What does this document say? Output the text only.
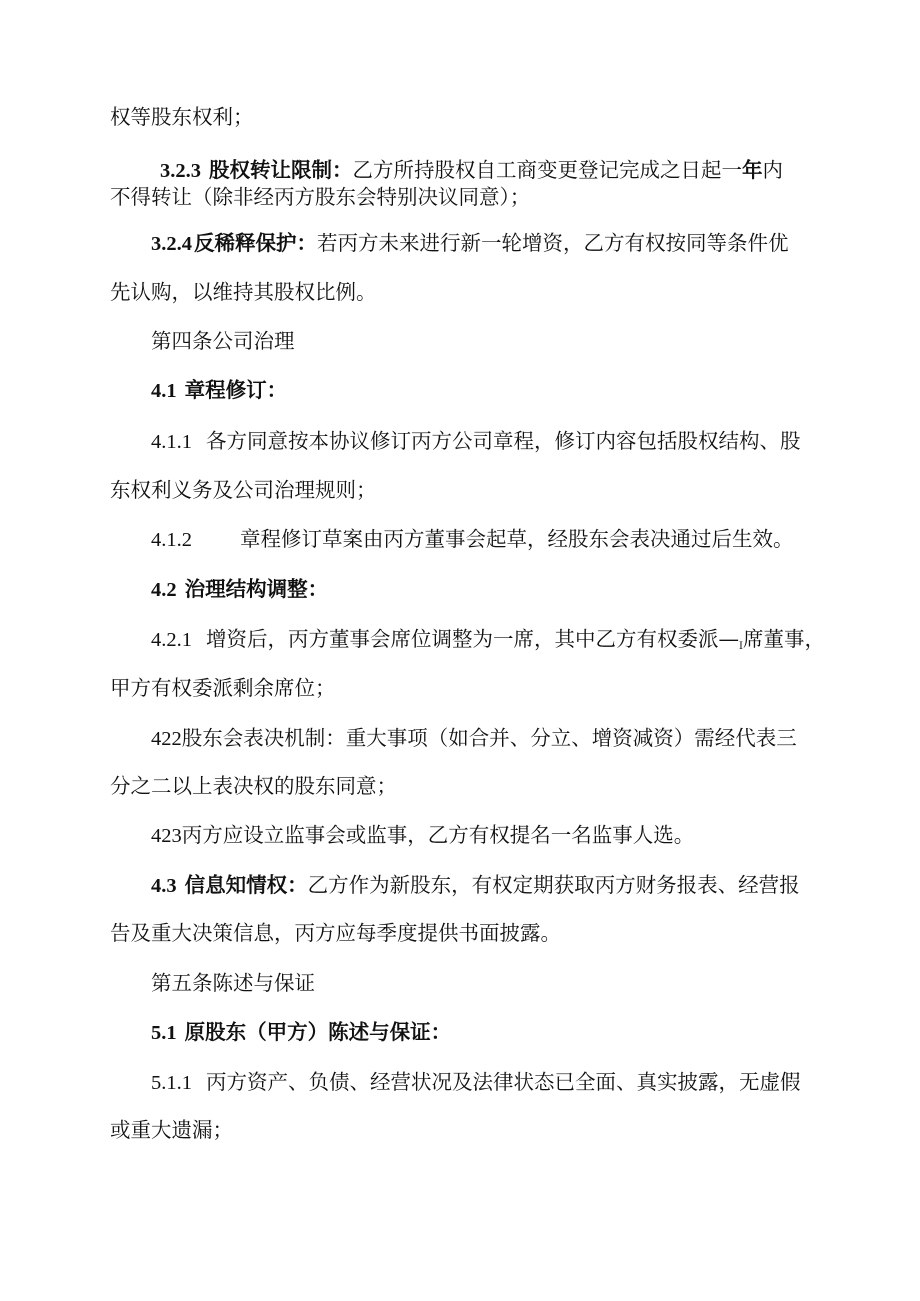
权等股东权利；

3.2.3 股权转让限制：乙方所持股权自工商变更登记完成之日起一年内

不得转让（除非经丙方股东会特别决议同意）；

3.2.4反稀释保护：若丙方未来进行新一轮增资，乙方有权按同等条件优

先认购，以维持其股权比例。

第四条公司治理

4.1 章程修订：

4.1.1 各方同意按本协议修订丙方公司章程，修订内容包括股权结构、股

东权利义务及公司治理规则；

4.1.2 章程修订草案由丙方董事会起草，经股东会表决通过后生效。

4.2 治理结构调整：

4.2.1 增资后，丙方董事会席位调整为一席，其中乙方有权委派$—_I$席董事，

甲方有权委派剩余席位；

422股东会表决机制：重大事项（如合并、分立、增资减资）需经代表三

分之二以上表决权的股东同意；

423丙方应设立监事会或监事，乙方有权提名一名监事人选。

4.3 信息知情权：乙方作为新股东，有权定期获取丙方财务报表、经营报

告及重大决策信息，丙方应每季度提供书面披露。

第五条陈述与保证

5.1 原股东（甲方）陈述与保证：

5.1.1 丙方资产、负债、经营状况及法律状态已全面、真实披露，无虚假

或重大遗漏；
